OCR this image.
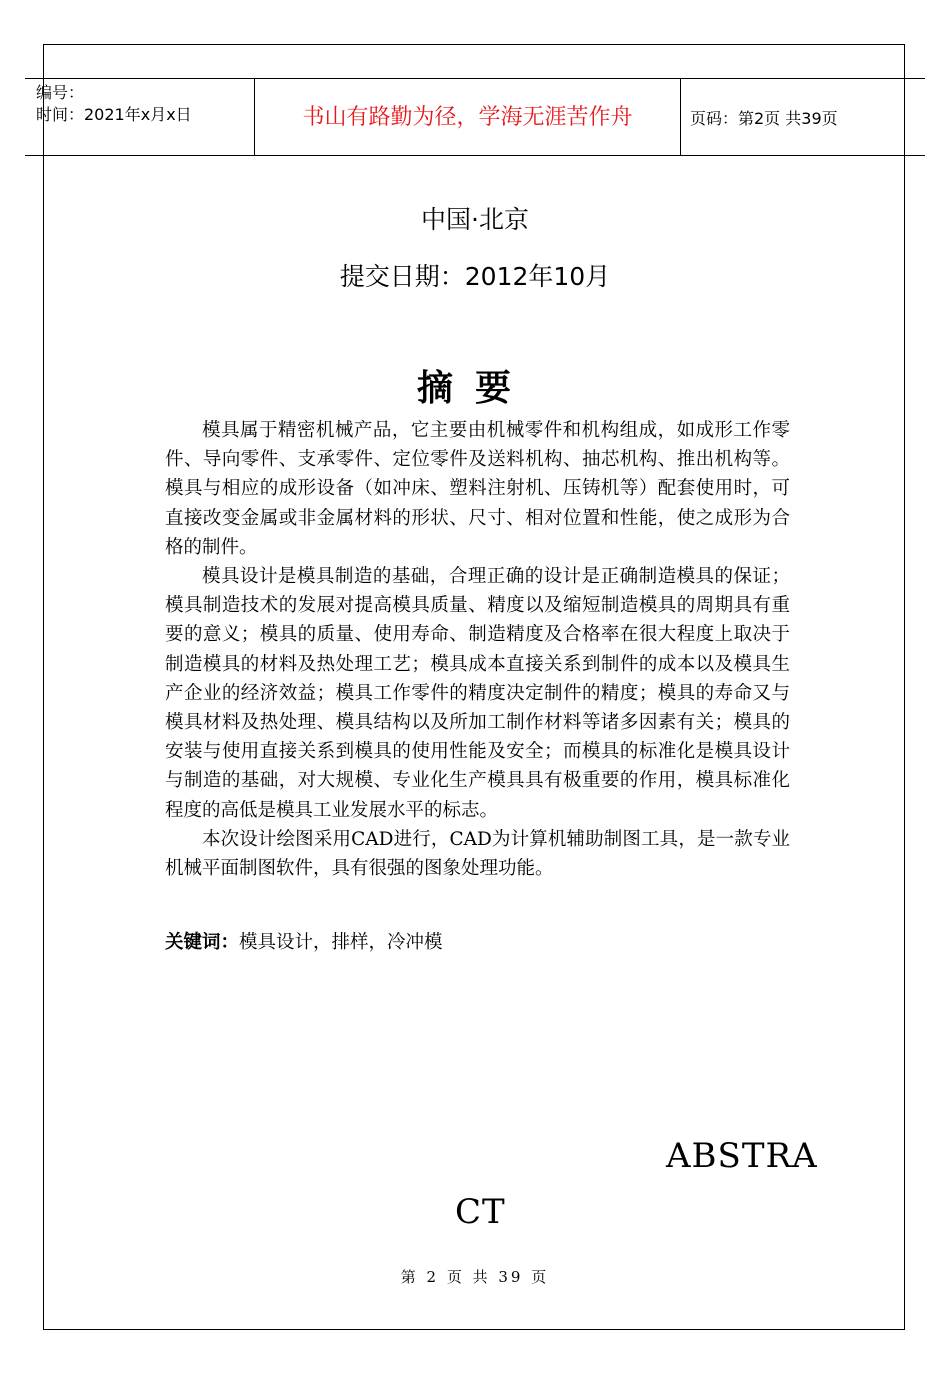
编号：
时间：2021年x月x日	书山有路勤为径，学海无涯苦作舟	页码：第2页 共39页
中国·北京
提交日期：2012年10月
摘要

模具属于精密机械产品，它主要由机械零件和机构组成，如成形工作零件、导向零件、支承零件、定位零件及送料机构、抽芯机构、推出机构等。模具与相应的成形设备（如冲床、塑料注射机、压铸机等）配套使用时，可直接改变金属或非金属材料的形状、尺寸、相对位置和性能，使之成形为合格的制件。

模具设计是模具制造的基础，合理正确的设计是正确制造模具的保证；模具制造技术的发展对提高模具质量、精度以及缩短制造模具的周期具有重要的意义；模具的质量、使用寿命、制造精度及合格率在很大程度上取决于制造模具的材料及热处理工艺；模具成本直接关系到制件的成本以及模具生产企业的经济效益；模具工作零件的精度决定制件的精度；模具的寿命又与模具材料及热处理、模具结构以及所加工制作材料等诸多因素有关；模具的安装与使用直接关系到模具的使用性能及安全；而模具的标准化是模具设计与制造的基础，对大规模、专业化生产模具具有极重要的作用，模具标准化程度的高低是模具工业发展水平的标志。

本次设计绘图采用CAD进行，CAD为计算机辅助制图工具，是一款专业机械平面制图软件，具有很强的图象处理功能。

关键词：模具设计，排样，冷冲模
ABSTRA
CT
第 2 页 共 39 页
